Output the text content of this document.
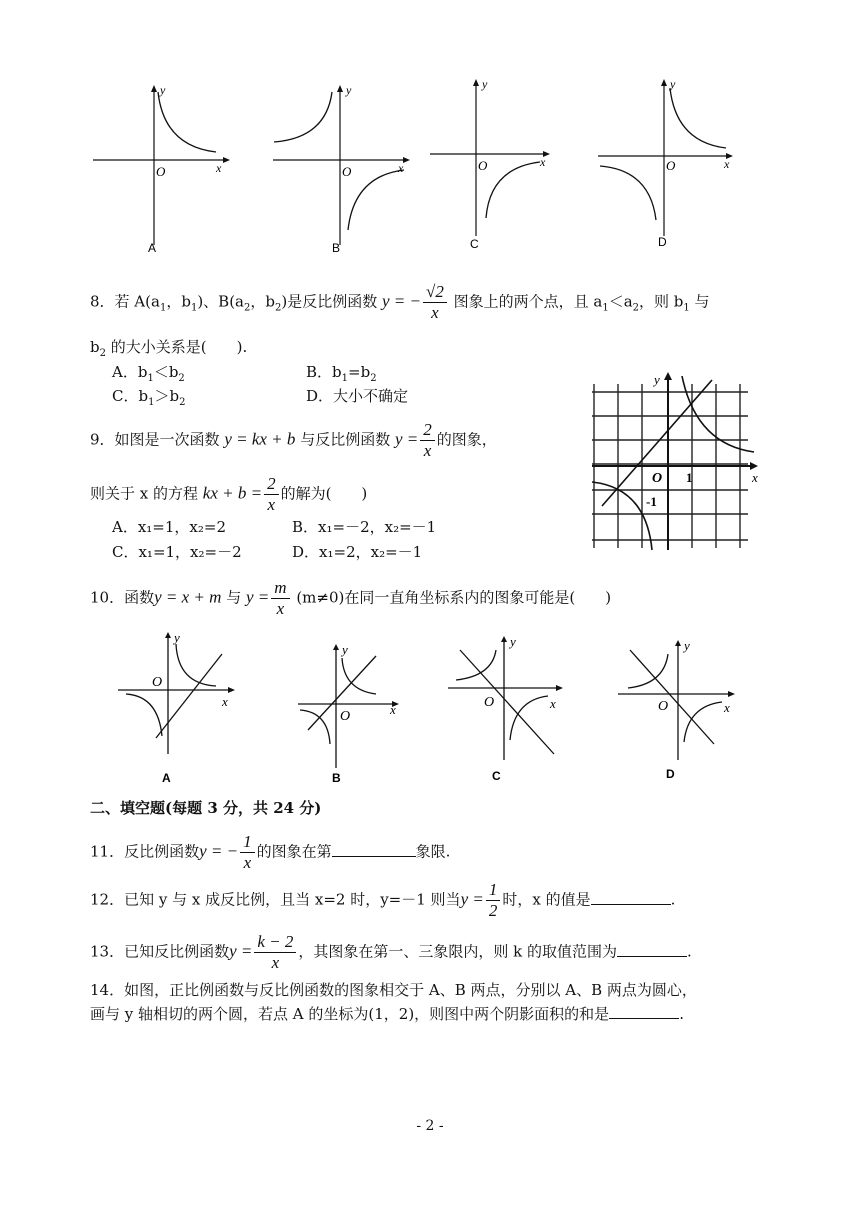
y
O	x
A
y
O	x
B
y
O	x
C
y
O	x
D
8．若 $A(a_1$，$b_1$)、$B(a_2$，$b_2$)是反比例函数 y = − $\frac{√2}{x}$ 图象上的两个点，且 $a_1<a_2$，则 $b_1$ 与
$b_2$ 的大小关系是(　　).
A．$b_1<b_2$	B．$b_1=b_2$
C．$b_1>b_2$	D．大小不确定
9．如图是一次函数 y = kx + b 与反比例函数 $y = \frac{2}{x}$ 的图象，
则关于 x 的方程 kx + $b = \frac{2}{x}$ 的解为(　　)
A．x₁=1，x₂=2	B．x₁=－2，x₂=－1
C．x₁=1，x₂=－2	D．x₁=2，x₂=－1
y
x
O 1
-1
10．函数y = x + m 与 $y = \frac{m}{x} (m\ne 0)$在同一直角坐标系内的图象可能是(　　)
y
O
x
A
y
O	x
B
y
O	x
C
y
O	x
D
二、填空题(每题 3 分，共 24 分)
11．反比例函数y = − $\frac{1}{x}$ 的图象在第	象限.
12．已知 y 与 x 成反比例，且当 x=2 时，y=－1 则当$y = \frac{1}{2}$ 时，x 的值是	.
13．已知反比例函数$y = \frac{k - 2}{x}$ ，其图象在第一、三象限内，则 k 的取值范围为	.
14．如图，正比例函数与反比例函数的图象相交于 A、B 两点，分别以 A、B 两点为圆心，
画与 y 轴相切的两个圆，若点 A 的坐标为(1，2)，则图中两个阴影面积的和是	.
- 2 -
